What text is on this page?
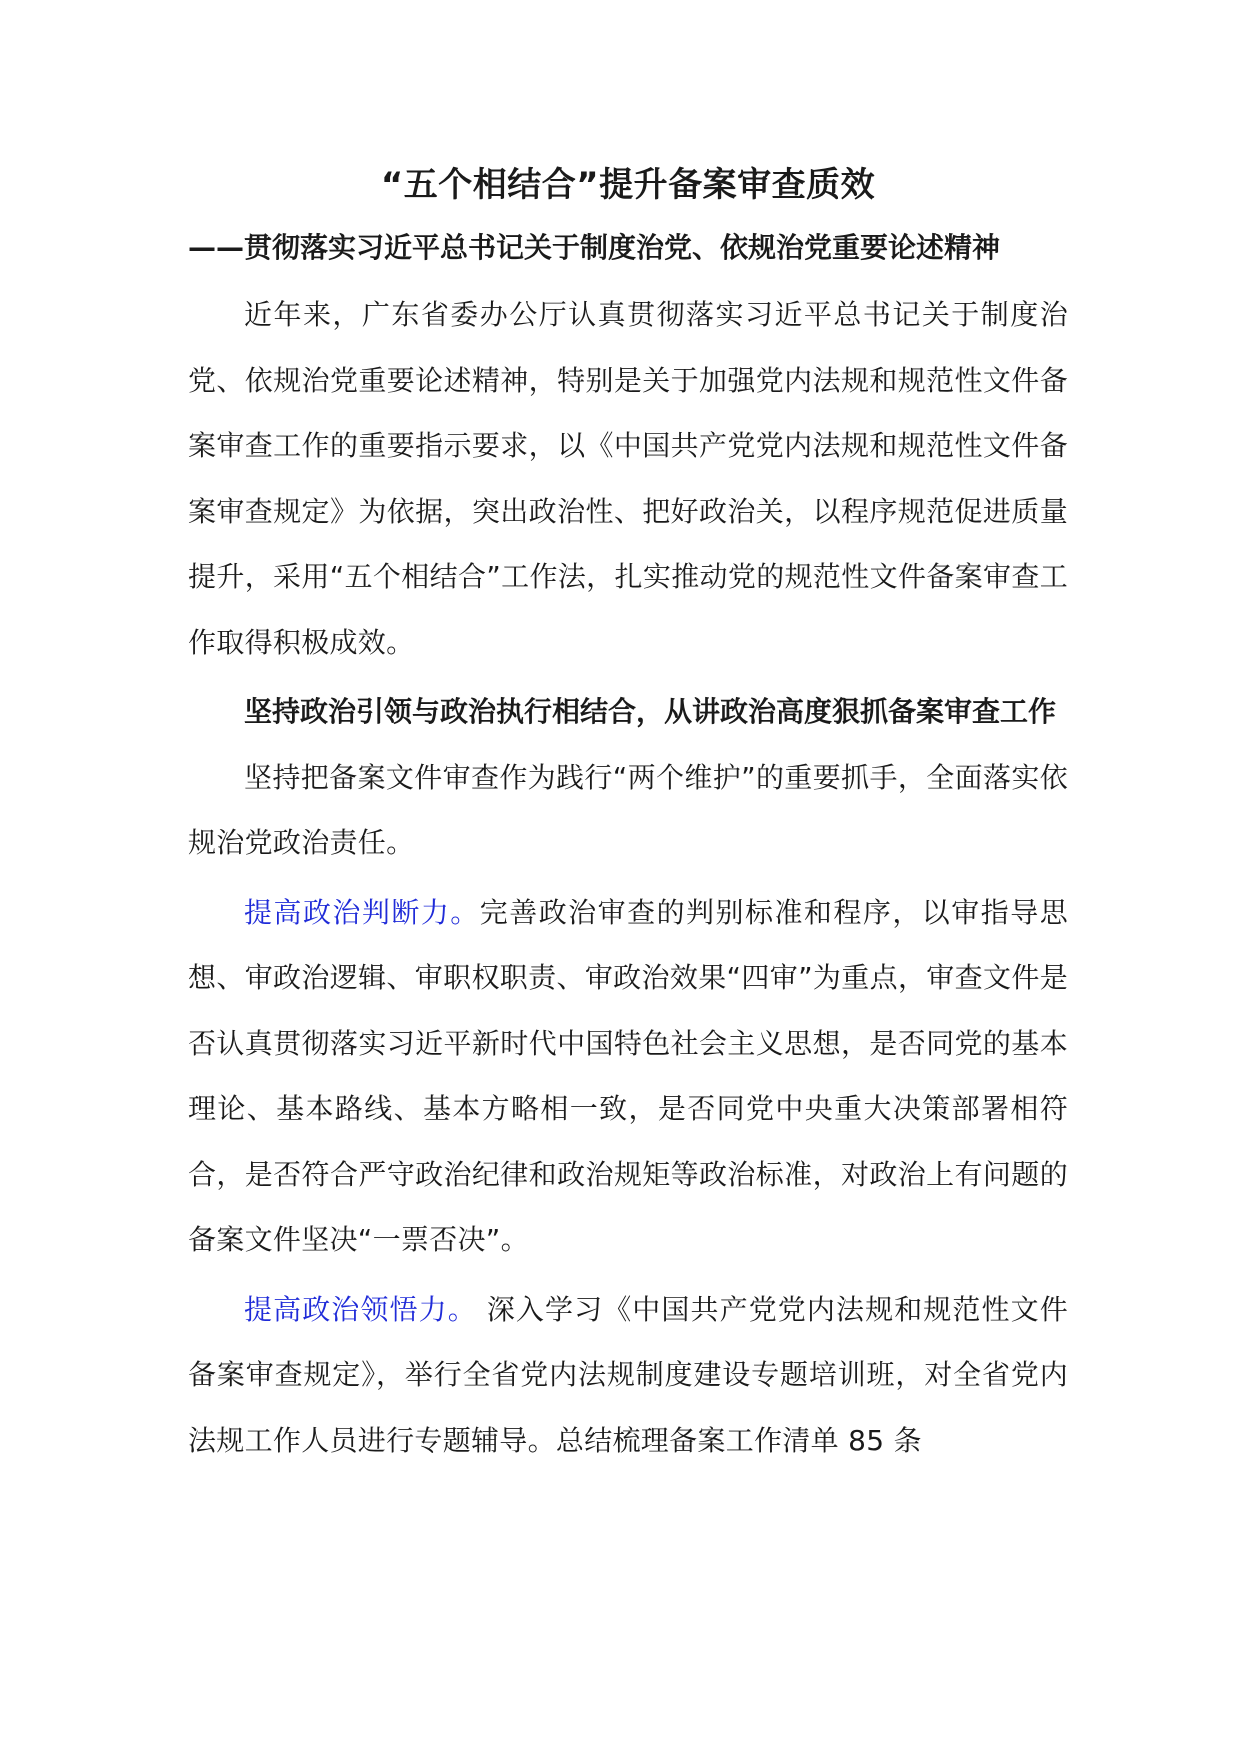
“五个相结合”提升备案审查质效
——贯彻落实习近平总书记关于制度治党、依规治党重要论述精神

近年来，广东省委办公厅认真贯彻落实习近平总书记关于制度治党、依规治党重要论述精神，特别是关于加强党内法规和规范性文件备案审查工作的重要指示要求，以《中国共产党党内法规和规范性文件备案审查规定》为依据，突出政治性、把好政治关，以程序规范促进质量提升，采用“五个相结合”工作法，扎实推动党的规范性文件备案审查工作取得积极成效。

坚持政治引领与政治执行相结合，从讲政治高度狠抓备案审查工作

坚持把备案文件审查作为践行“两个维护”的重要抓手，全面落实依规治党政治责任。

提高政治判断力。完善政治审查的判别标准和程序，以审指导思想、审政治逻辑、审职权职责、审政治效果“四审”为重点，审查文件是否认真贯彻落实习近平新时代中国特色社会主义思想，是否同党的基本理论、基本路线、基本方略相一致，是否同党中央重大决策部署相符合，是否符合严守政治纪律和政治规矩等政治标准，对政治上有问题的备案文件坚决“一票否决”。

提高政治领悟力。 深入学习《中国共产党党内法规和规范性文件备案审查规定》，举行全省党内法规制度建设专题培训班，对全省党内法规工作人员进行专题辅导。总结梳理备案工作清单 85 条
